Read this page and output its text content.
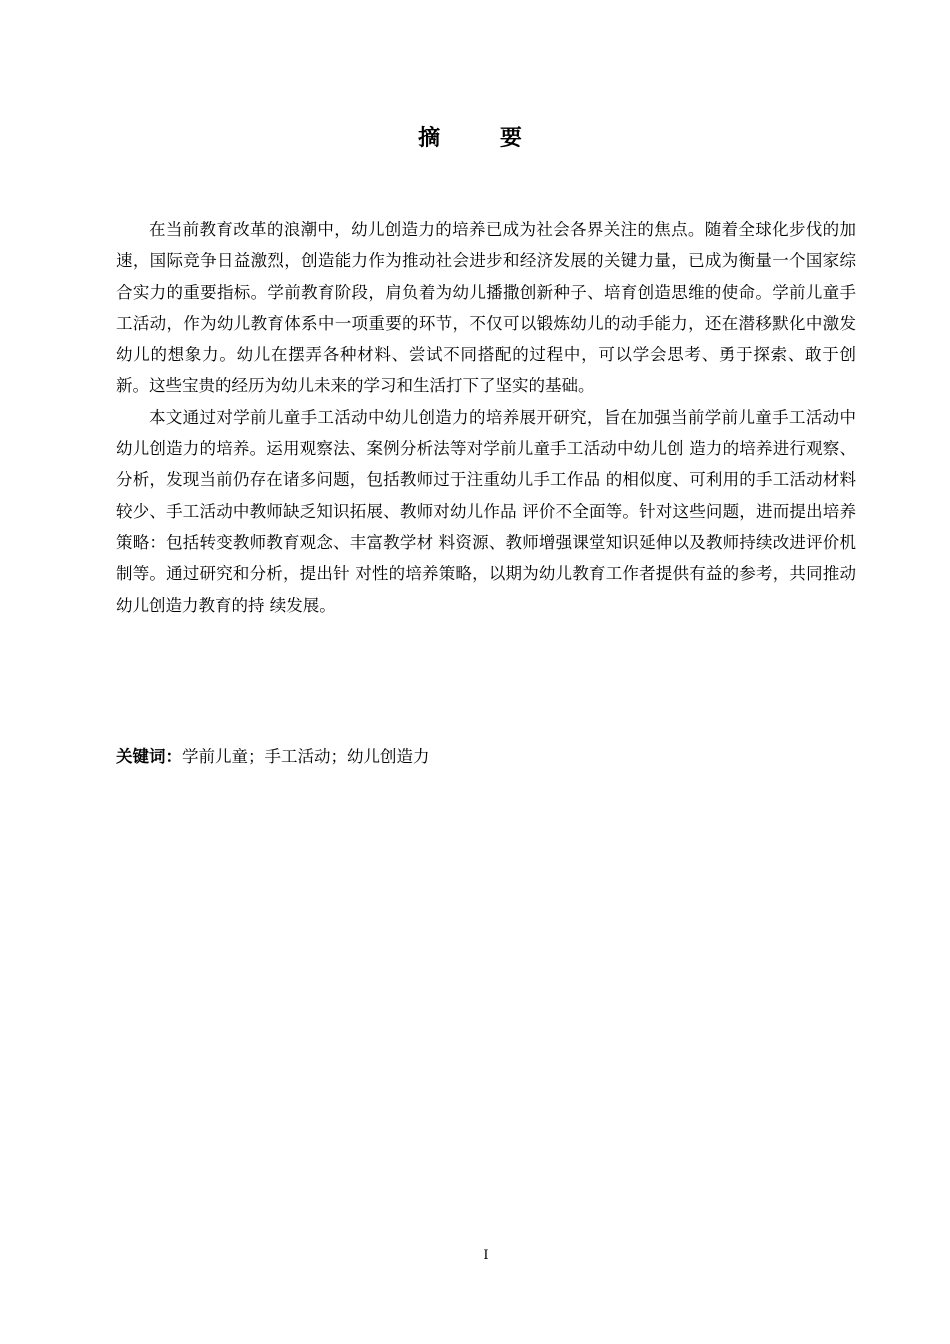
摘 要

在当前教育改革的浪潮中，幼儿创造力的培养已成为社会各界关注的焦点。随着全球化步伐的加速，国际竞争日益激烈，创造能力作为推动社会进步和经济发展的关键力量，已成为衡量一个国家综合实力的重要指标。学前教育阶段，肩负着为幼儿播撒创新种子、培育创造思维的使命。学前儿童手工活动，作为幼儿教育体系中一项重要的环节，不仅可以锻炼幼儿的动手能力，还在潜移默化中激发幼儿的想象力。幼儿在摆弄各种材料、尝试不同搭配的过程中，可以学会思考、勇于探索、敢于创新。这些宝贵的经历为幼儿未来的学习和生活打下了坚实的基础。

本文通过对学前儿童手工活动中幼儿创造力的培养展开研究，旨在加强当前学前儿童手工活动中幼儿创造力的培养。运用观察法、案例分析法等对学前儿童手工活动中幼儿创 造力的培养进行观察、分析，发现当前仍存在诸多问题，包括教师过于注重幼儿手工作品 的相似度、可利用的手工活动材料较少、手工活动中教师缺乏知识拓展、教师对幼儿作品 评价不全面等。针对这些问题，进而提出培养策略：包括转变教师教育观念、丰富教学材 料资源、教师增强课堂知识延伸以及教师持续改进评价机制等。通过研究和分析，提出针 对性的培养策略，以期为幼儿教育工作者提供有益的参考，共同推动幼儿创造力教育的持 续发展。

关键词：学前儿童；手工活动；幼儿创造力
I
